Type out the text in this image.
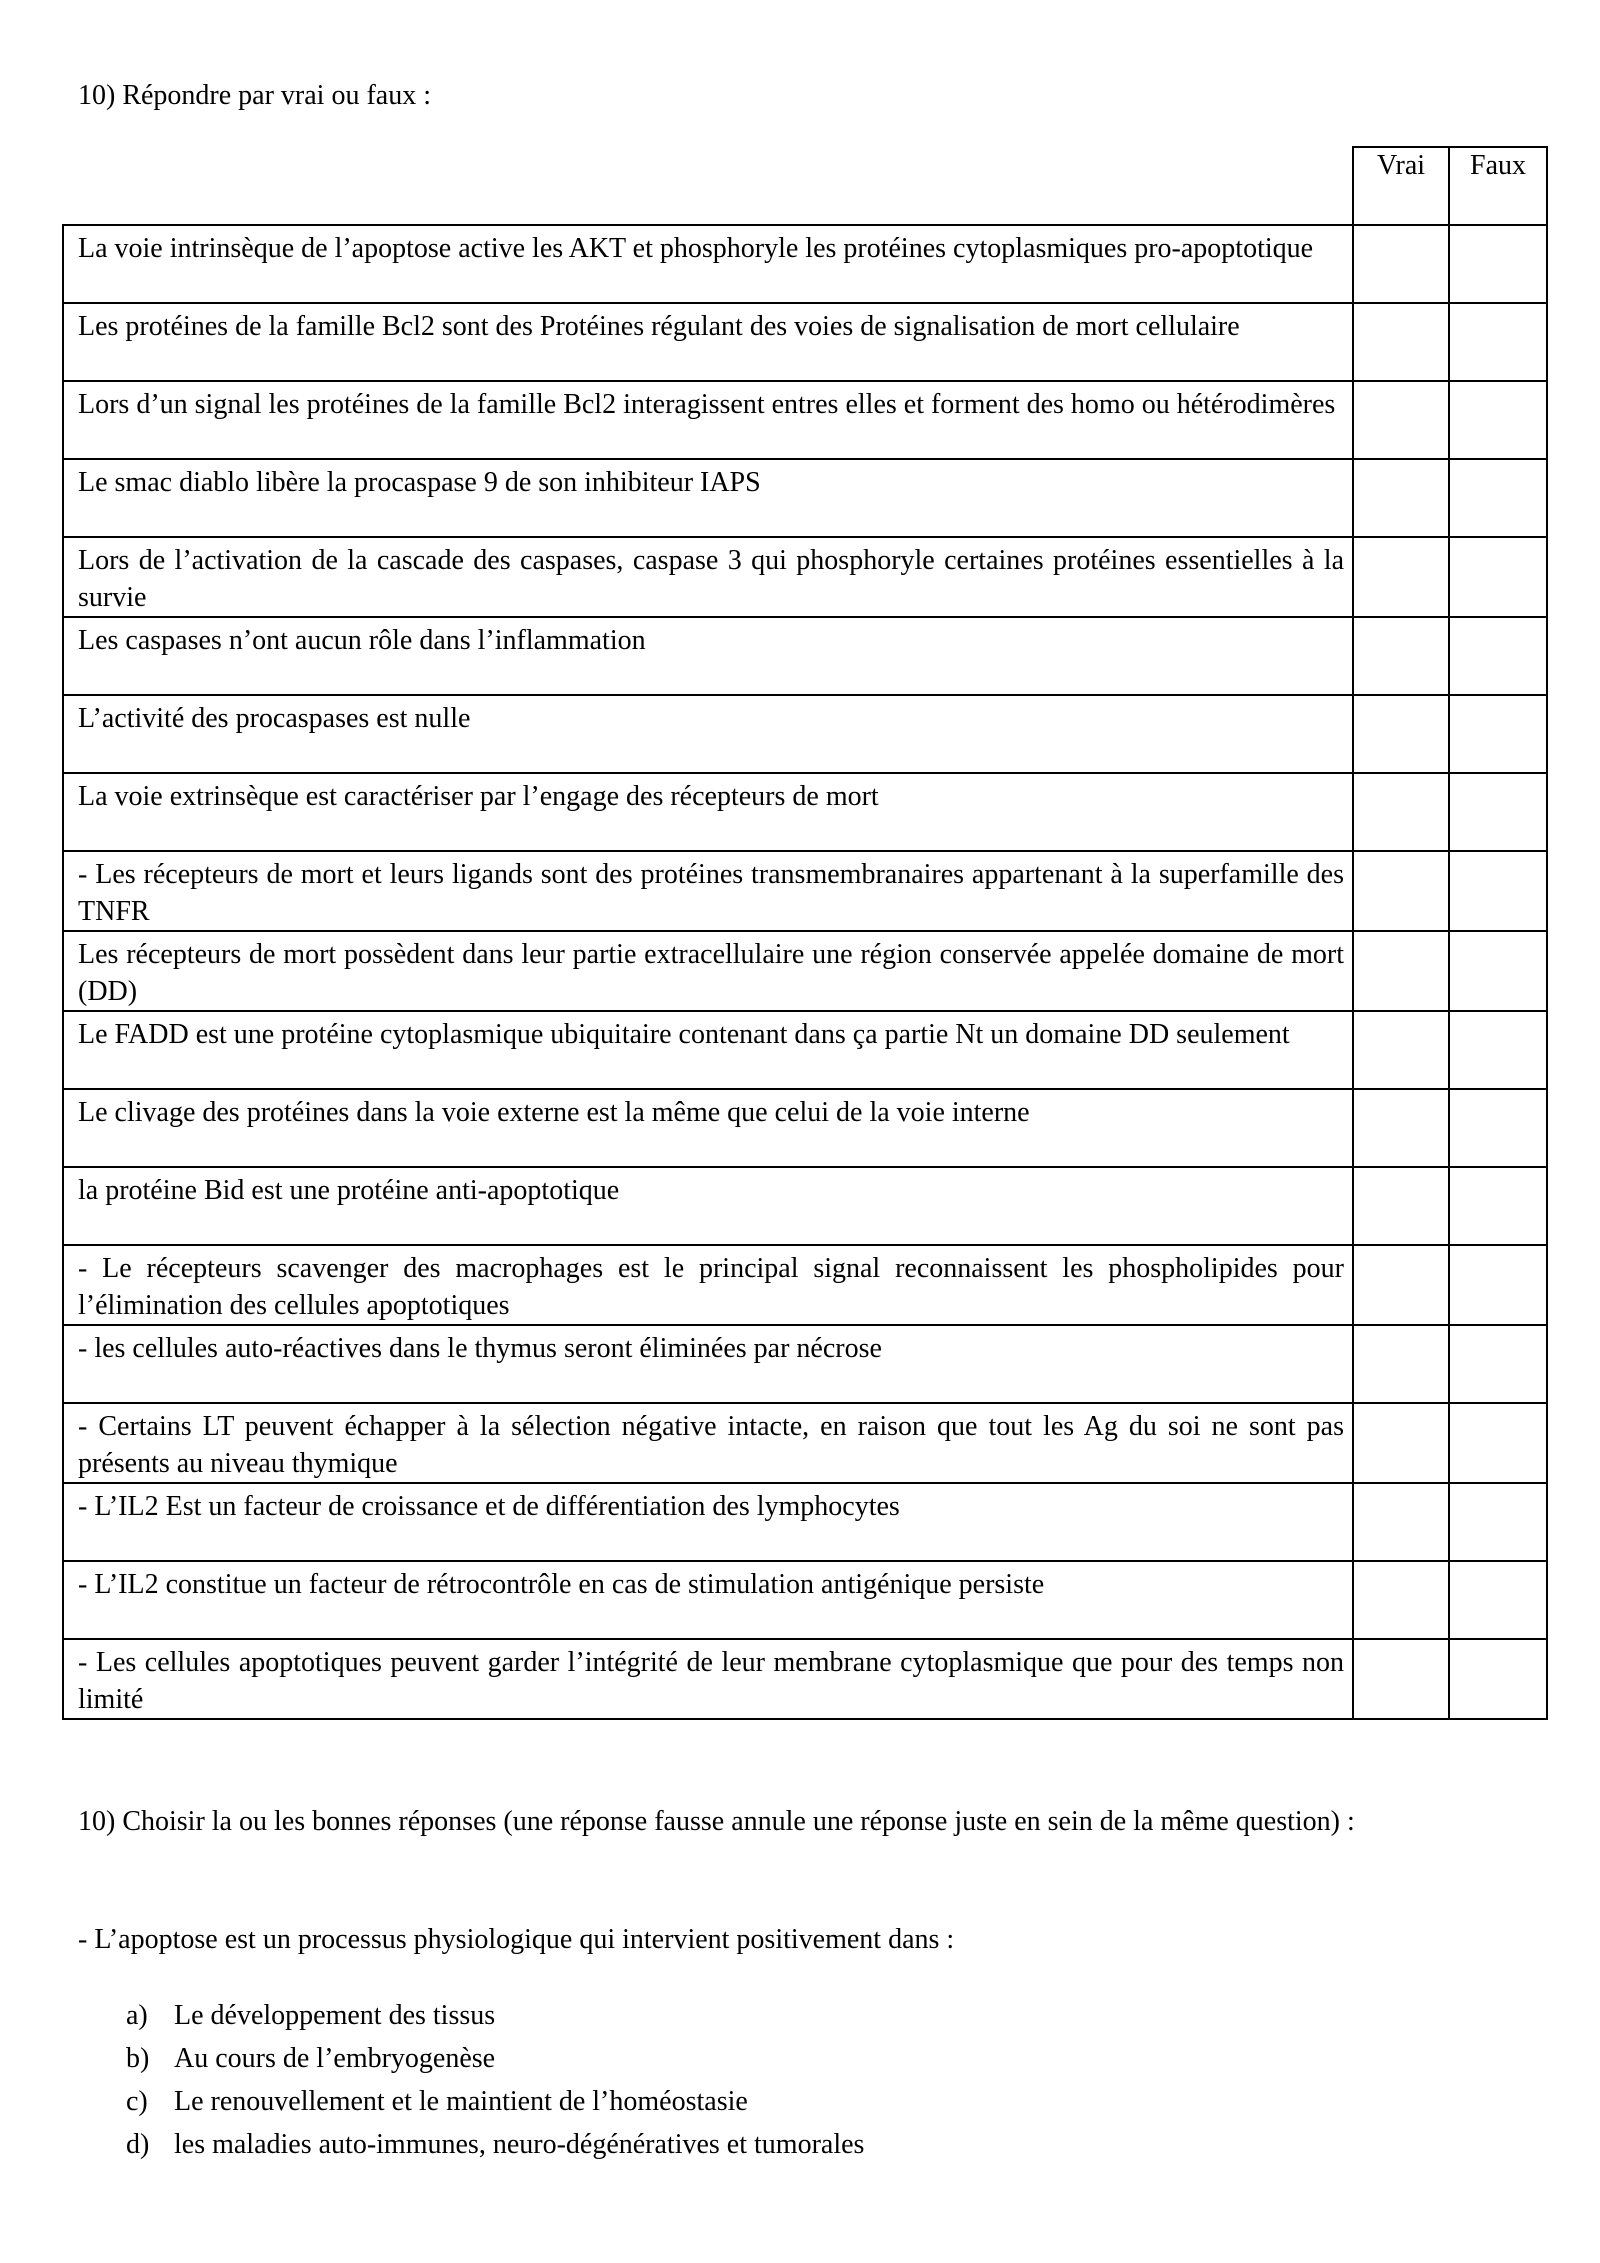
10) Répondre par vrai ou faux :
	Vrai	Faux
La voie intrinsèque de l’apoptose active les AKT et phosphoryle les protéines cytoplasmiques pro-apoptotique		
Les protéines de la famille Bcl2 sont des Protéines régulant des voies de signalisation de mort cellulaire		
Lors d’un signal les protéines de la famille Bcl2 interagissent entres elles et forment des homo ou hétérodimères		
Le smac diablo libère la procaspase 9 de son inhibiteur IAPS		
Lors de l’activation de la cascade des caspases, caspase 3 qui phosphoryle certaines protéines essentielles à la survie		
Les caspases n’ont aucun rôle dans l’inflammation		
L’activité des procaspases est nulle		
La voie extrinsèque est caractériser par l’engage des récepteurs de mort		
- Les récepteurs de mort et leurs ligands sont des protéines transmembranaires appartenant à la superfamille des TNFR		
Les récepteurs de mort possèdent dans leur partie extracellulaire une région conservée appelée domaine de mort (DD)		
Le FADD est une protéine cytoplasmique ubiquitaire contenant dans ça partie Nt un domaine DD seulement		
Le clivage des protéines dans la voie externe est la même que celui de la voie interne		
la protéine Bid est une protéine anti-apoptotique		
- Le récepteurs scavenger des macrophages est le principal signal reconnaissent les phospholipides pour l’élimination des cellules apoptotiques		
- les cellules auto-réactives dans le thymus seront éliminées par nécrose		
- Certains LT peuvent échapper à la sélection négative intacte, en raison que tout les Ag du soi ne sont pas présents au niveau thymique		
- L’IL2 Est un facteur de croissance et de différentiation des lymphocytes		
- L’IL2 constitue un facteur de rétrocontrôle en cas de stimulation antigénique persiste		
- Les cellules apoptotiques peuvent garder l’intégrité de leur membrane cytoplasmique que pour des temps non limité		
10) Choisir la ou les bonnes réponses (une réponse fausse annule une réponse juste en sein de la même question) :
- L’apoptose est un processus physiologique qui intervient positivement dans :
a) Le développement des tissus
b) Au cours de l’embryogenèse
c) Le renouvellement et le maintient de l’homéostasie
d) les maladies auto-immunes, neuro-dégénératives et tumorales
